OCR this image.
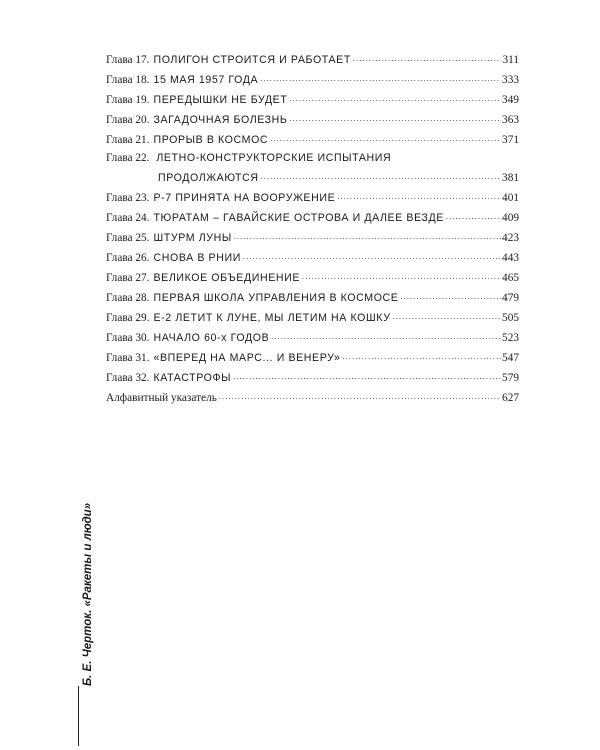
Глава 17. ПОЛИГОН СТРОИТСЯ И РАБОТАЕТ .....	311
Глава 18. 15 МАЯ 1957 ГОДА .....	333
Глава 19. ПЕРЕДЫШКИ НЕ БУДЕТ .....	349
Глава 20. ЗАГАДОЧНАЯ БОЛЕЗНЬ .....	363
Глава 21. ПРОРЫВ В КОСМОС .....	371
Глава 22. ЛЕТНО-КОНСТРУКТОРСКИЕ ИСПЫТАНИЯ
ПРОДОЛЖАЮТСЯ .....	381
Глава 23. Р-7 ПРИНЯТА НА ВООРУЖЕНИЕ .....	401
Глава 24. ТЮРАТАМ – ГАВАЙСКИЕ ОСТРОВА И ДАЛЕЕ ВЕЗДЕ .....	409
Глава 25. ШТУРМ ЛУНЫ .....	423
Глава 26. СНОВА В РНИИ .....	443
Глава 27. ВЕЛИКОЕ ОБЪЕДИНЕНИЕ .....	465
Глава 28. ПЕРВАЯ ШКОЛА УПРАВЛЕНИЯ В КОСМОСЕ .....	479
Глава 29. Е-2 ЛЕТИТ К ЛУНЕ, МЫ ЛЕТИМ НА КОШКУ .....	505
Глава 30. НАЧАЛО 60-х ГОДОВ .....	523
Глава 31. «ВПЕРЕД НА МАРС... И ВЕНЕРУ» .....	547
Глава 32. КАТАСТРОФЫ .....	579
Алфавитный указатель .....	627
Б. Е. Черток. «Ракеты и люди»
